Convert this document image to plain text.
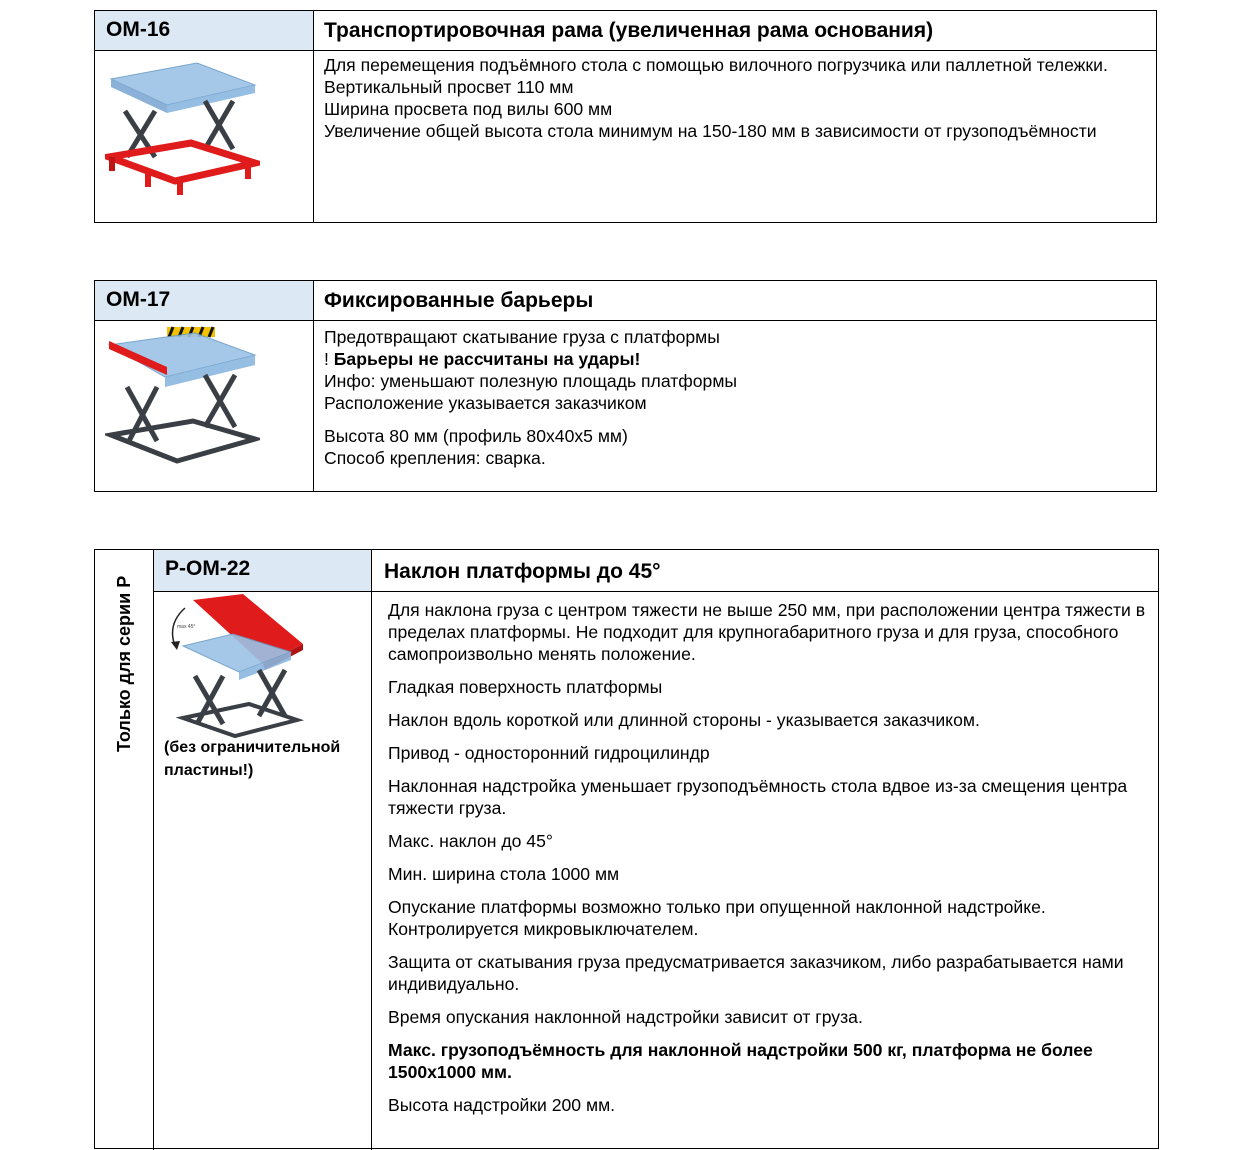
OM-16	Транспортировочная рама (увеличенная рама основания)

Для перемещения подъёмного стола с помощью вилочного погрузчика или паллетной тележки.

Вертикальный просвет 110 мм

Ширина просвета под вилы 600 мм

Увеличение общей высота стола минимум на 150-180 мм в зависимости от грузоподъёмности

OM-17	Фиксированные барьеры

Предотвращают скатывание груза с платформы

! Барьеры не рассчитаны на удары!

Инфо: уменьшают полезную площадь платформы

Расположение указывается заказчиком

Высота 80 мм (профиль 80x40x5 мм)

Способ крепления: сварка.

Только для серии P
P-OM-22	Наклон платформы до 45°
max 45°
(без ограничительной пластины!)

Для наклона груза с центром тяжести не выше 250 мм, при расположении центра тяжести в пределах платформы. Не подходит для крупногабаритного груза и для груза, способного самопроизвольно менять положение.

Гладкая поверхность платформы

Наклон вдоль короткой или длинной стороны - указывается заказчиком.

Привод - односторонний гидроцилиндр

Наклонная надстройка уменьшает грузоподъёмность стола вдвое из-за смещения центра тяжести груза.

Макс. наклон до 45°

Мин. ширина стола 1000 мм

Опускание платформы возможно только при опущенной наклонной надстройке. Контролируется микровыключателем.

Защита от скатывания груза предусматривается заказчиком, либо разрабатывается нами индивидуально.

Время опускания наклонной надстройки зависит от груза.

Макс. грузоподъёмность для наклонной надстройки 500 кг, платформа не более 1500x1000 мм.

Высота надстройки 200 мм.
